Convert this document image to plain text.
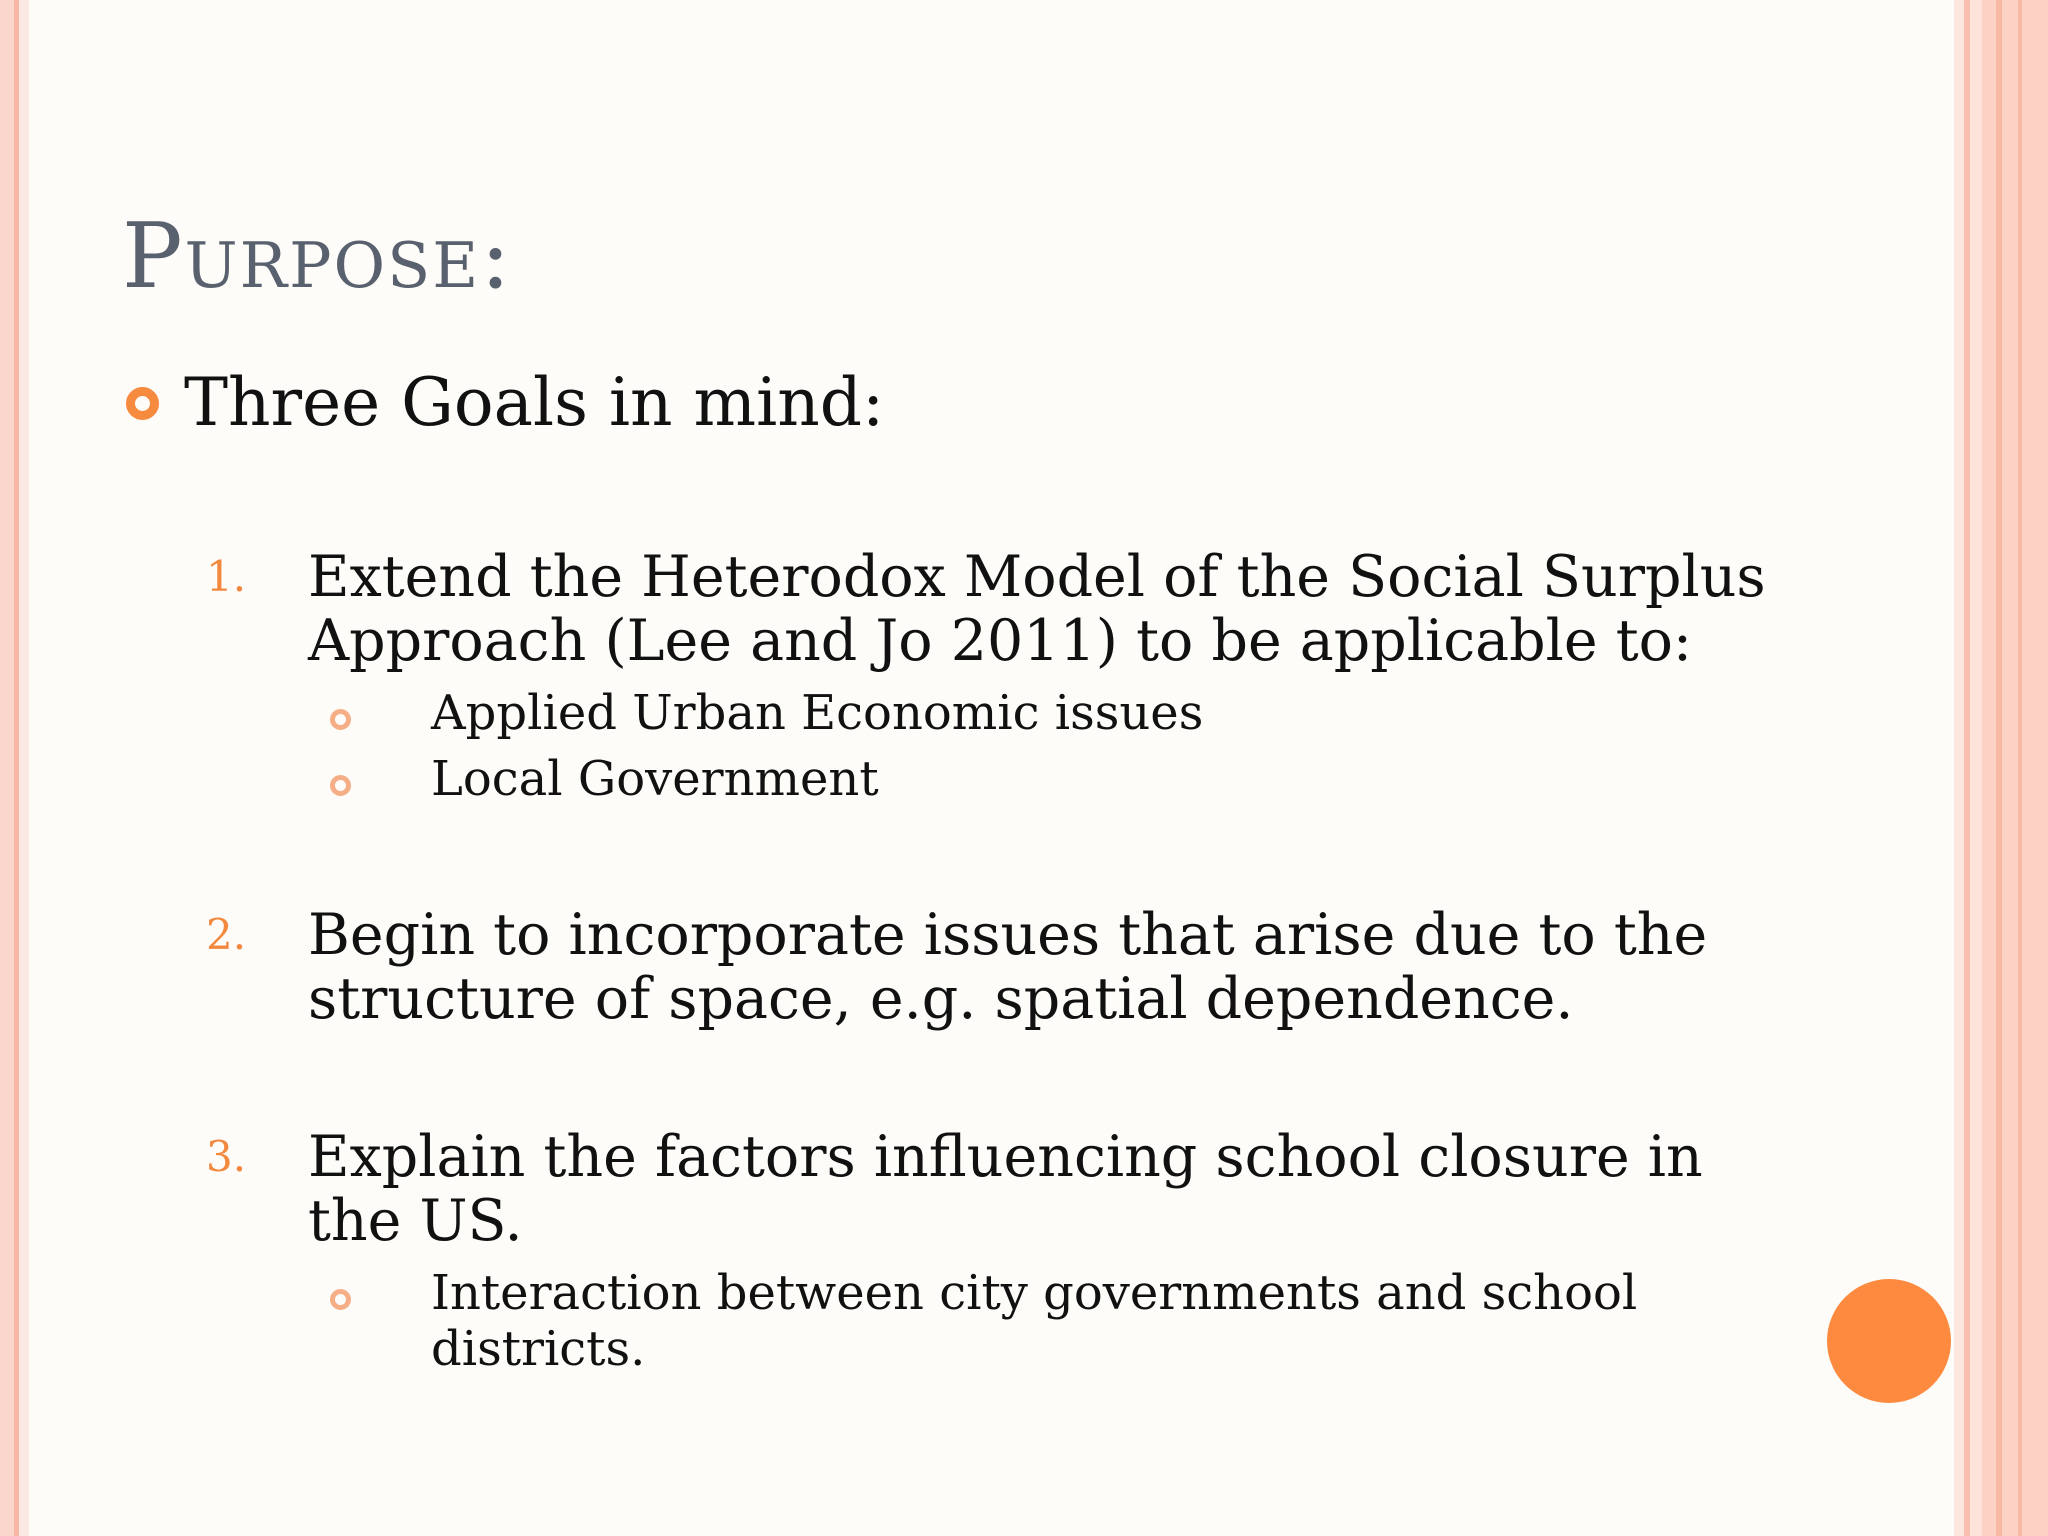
Purpose:
Three Goals in mind:
1. Extend the Heterodox Model of the Social Surplus Approach (Lee and Jo 2011) to be applicable to:
Applied Urban Economic issues
Local Government
2. Begin to incorporate issues that arise due to the structure of space, e.g. spatial dependence.
3. Explain the factors influencing school closure in the US.
Interaction between city governments and school districts.
